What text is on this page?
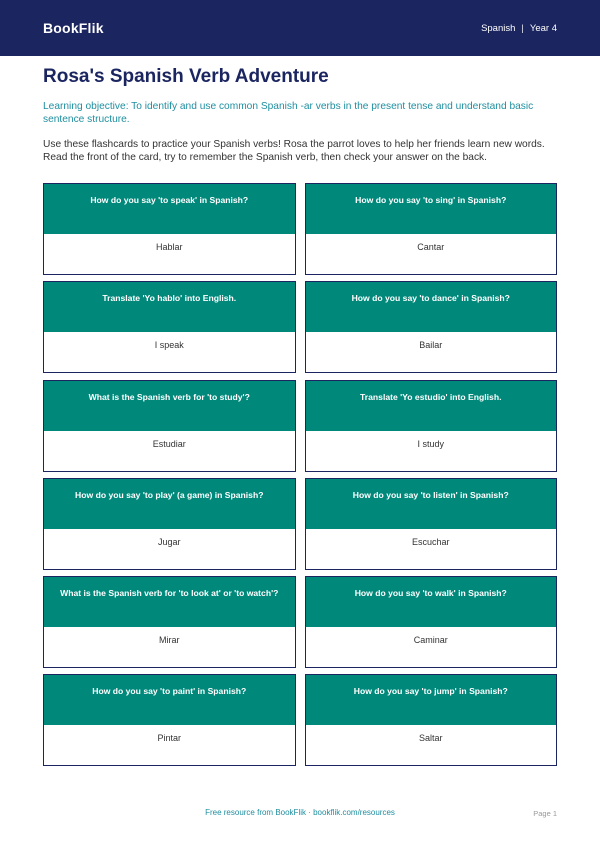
BookFlik	Spanish | Year 4
Rosa's Spanish Verb Adventure

Learning objective: To identify and use common Spanish -ar verbs in the present tense and understand basic sentence structure.

Use these flashcards to practice your Spanish verbs! Rosa the parrot loves to help her friends learn new words. Read the front of the card, try to remember the Spanish verb, then check your answer on the back.

How do you say 'to speak' in Spanish?
Hablar
How do you say 'to sing' in Spanish?
Cantar
Translate 'Yo hablo' into English.
I speak
How do you say 'to dance' in Spanish?
Bailar
What is the Spanish verb for 'to study'?
Estudiar
Translate 'Yo estudio' into English.
I study
How do you say 'to play' (a game) in Spanish?
Jugar
How do you say 'to listen' in Spanish?
Escuchar
What is the Spanish verb for 'to look at' or 'to watch'?
Mirar
How do you say 'to walk' in Spanish?
Caminar
How do you say 'to paint' in Spanish?
Pintar
How do you say 'to jump' in Spanish?
Saltar
Free resource from BookFlik · bookflik.com/resources	Page 1
